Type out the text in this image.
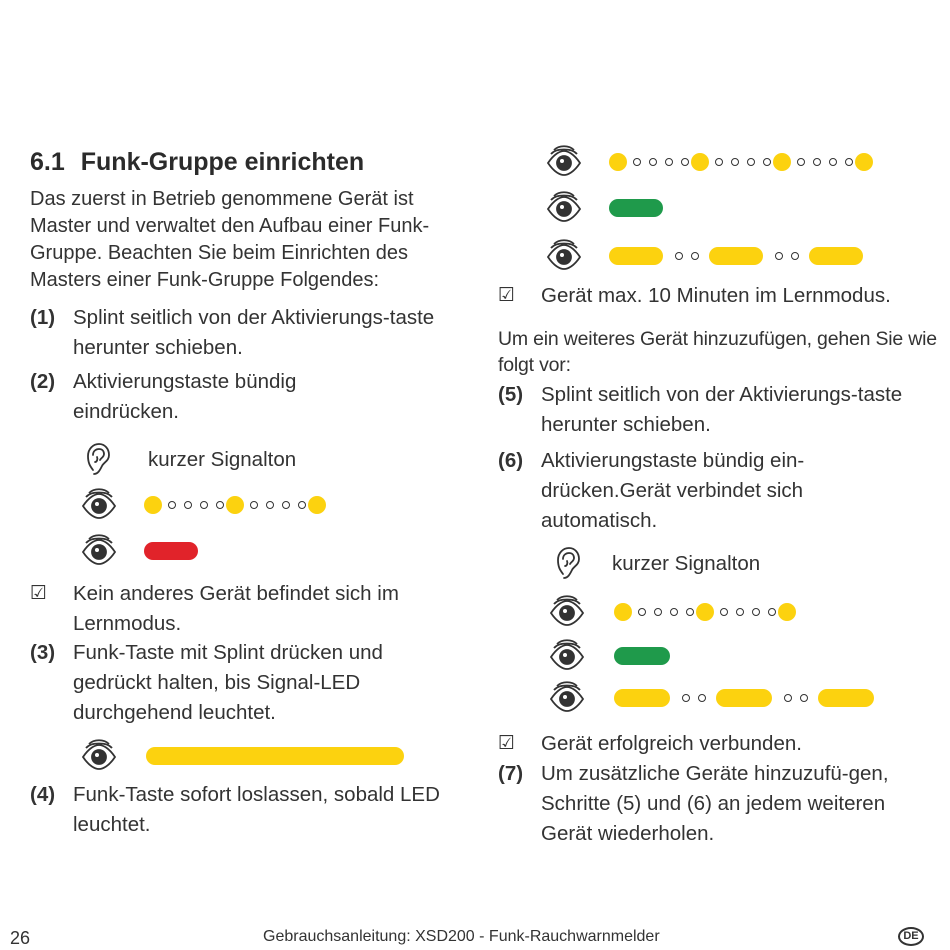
6.1 Funk-Gruppe einrichten
Das zuerst in Betrieb genommene Gerät ist Master und verwaltet den Aufbau einer Funk-Gruppe. Beachten Sie beim Einrichten des Masters einer Funk-Gruppe Folgendes:
(1) Splint seitlich von der Aktivierungs-taste herunter schieben.
(2) Aktivierungstaste bündig eindrücken.
kurzer Signalton
☑ Kein anderes Gerät befindet sich im Lernmodus.
(3) Funk-Taste mit Splint drücken und gedrückt halten, bis Signal-LED durchgehend leuchtet.
(4) Funk-Taste sofort loslassen, sobald LED leuchtet.
☑ Gerät max. 10 Minuten im Lernmodus.
Um ein weiteres Gerät hinzuzufügen, gehen Sie wie folgt vor:
(5) Splint seitlich von der Aktivierungs-taste herunter schieben.
(6) Aktivierungstaste bündig ein-drücken.Gerät verbindet sich automatisch.
kurzer Signalton
☑ Gerät erfolgreich verbunden.
(7) Um zusätzliche Geräte hinzuzufü-gen, Schritte (5) und (6) an jedem weiteren Gerät wiederholen.
26	Gebrauchsanleitung: XSD200 - Funk-Rauchwarnmelder	DE
